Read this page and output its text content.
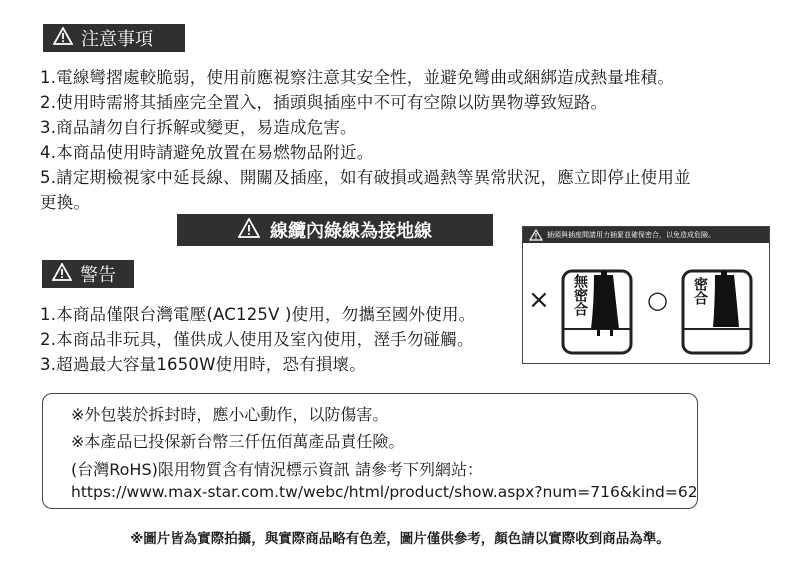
注意事項
1.電線彎摺處較脆弱，使用前應視察注意其安全性，並避免彎曲或綑綁造成熱量堆積。
2.使用時需將其插座完全置入，插頭與插座中不可有空隙以防異物導致短路。
3.商品請勿自行拆解或變更，易造成危害。
4.本商品使用時請避免放置在易燃物品附近。
5.請定期檢視家中延長線、開關及插座，如有破損或過熱等異常狀況，應立即停止使用並
更換。
線纜內綠線為接地線	插頭與插座間請用力插緊並確保密合，以免造成危險。
×	○
無密合	密合
警告
1.本商品僅限台灣電壓(AC125V )使用，勿攜至國外使用。
2.本商品非玩具，僅供成人使用及室內使用，溼手勿碰觸。
3.超過最大容量1650W使用時，恐有損壞。
※外包裝於拆封時，應小心動作，以防傷害。
※本產品已投保新台幣三仟伍佰萬產品責任險。
(台灣RoHS)限用物質含有情況標示資訊 請參考下列網站：
https://www.max-star.com.tw/webc/html/product/show.aspx?num=716&kind=62
※圖片皆為實際拍攝，與實際商品略有色差，圖片僅供參考，顏色請以實際收到商品為準。
